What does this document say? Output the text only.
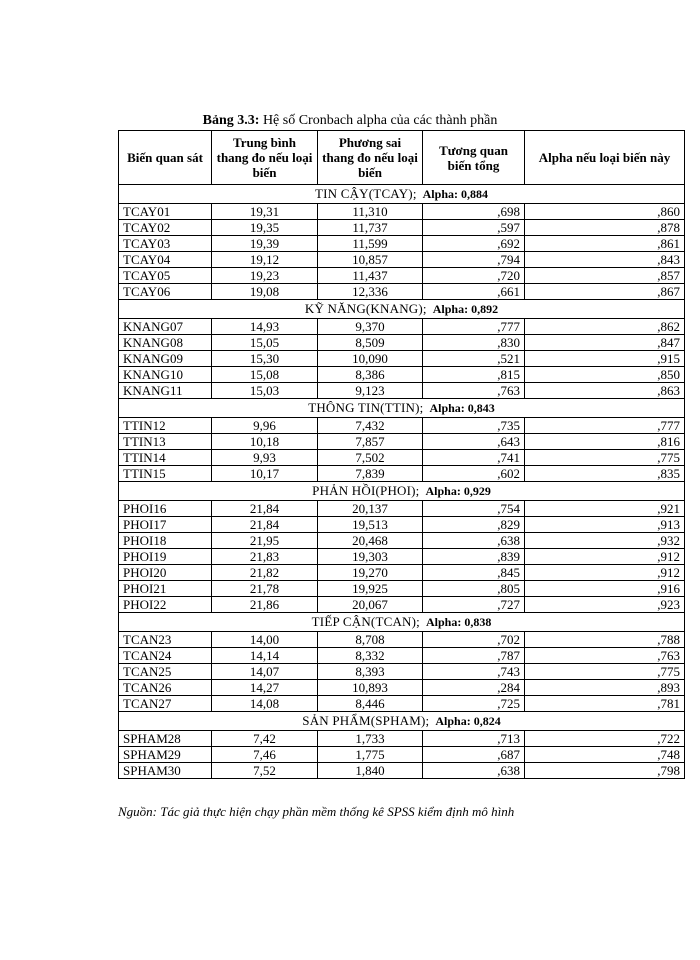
Bảng 3.3: Hệ số Cronbach alpha của các thành phần
Biến quan sát	Trung bình thang đo nếu loại biến	Phương sai thang đo nếu loại biến	Tương quan biến tổng	Alpha nếu loại biến này
TIN CẬY(TCAY); Alpha: 0,884				
TCAY01	19,31	11,310	,698	,860
TCAY02	19,35	11,737	,597	,878
TCAY03	19,39	11,599	,692	,861
TCAY04	19,12	10,857	,794	,843
TCAY05	19,23	11,437	,720	,857
TCAY06	19,08	12,336	,661	,867
KỸ NĂNG(KNANG); Alpha: 0,892				
KNANG07	14,93	9,370	,777	,862
KNANG08	15,05	8,509	,830	,847
KNANG09	15,30	10,090	,521	,915
KNANG10	15,08	8,386	,815	,850
KNANG11	15,03	9,123	,763	,863
THÔNG TIN(TTIN); Alpha: 0,843				
TTIN12	9,96	7,432	,735	,777
TTIN13	10,18	7,857	,643	,816
TTIN14	9,93	7,502	,741	,775
TTIN15	10,17	7,839	,602	,835
PHẢN HỒI(PHOI); Alpha: 0,929				
PHOI16	21,84	20,137	,754	,921
PHOI17	21,84	19,513	,829	,913
PHOI18	21,95	20,468	,638	,932
PHOI19	21,83	19,303	,839	,912
PHOI20	21,82	19,270	,845	,912
PHOI21	21,78	19,925	,805	,916
PHOI22	21,86	20,067	,727	,923
TIẾP CẬN(TCAN); Alpha: 0,838				
TCAN23	14,00	8,708	,702	,788
TCAN24	14,14	8,332	,787	,763
TCAN25	14,07	8,393	,743	,775
TCAN26	14,27	10,893	,284	,893
TCAN27	14,08	8,446	,725	,781
SẢN PHẨM(SPHAM); Alpha: 0,824				
SPHAM28	7,42	1,733	,713	,722
SPHAM29	7,46	1,775	,687	,748
SPHAM30	7,52	1,840	,638	,798
Nguồn: Tác giả thực hiện chạy phần mềm thống kê SPSS kiểm định mô hình
